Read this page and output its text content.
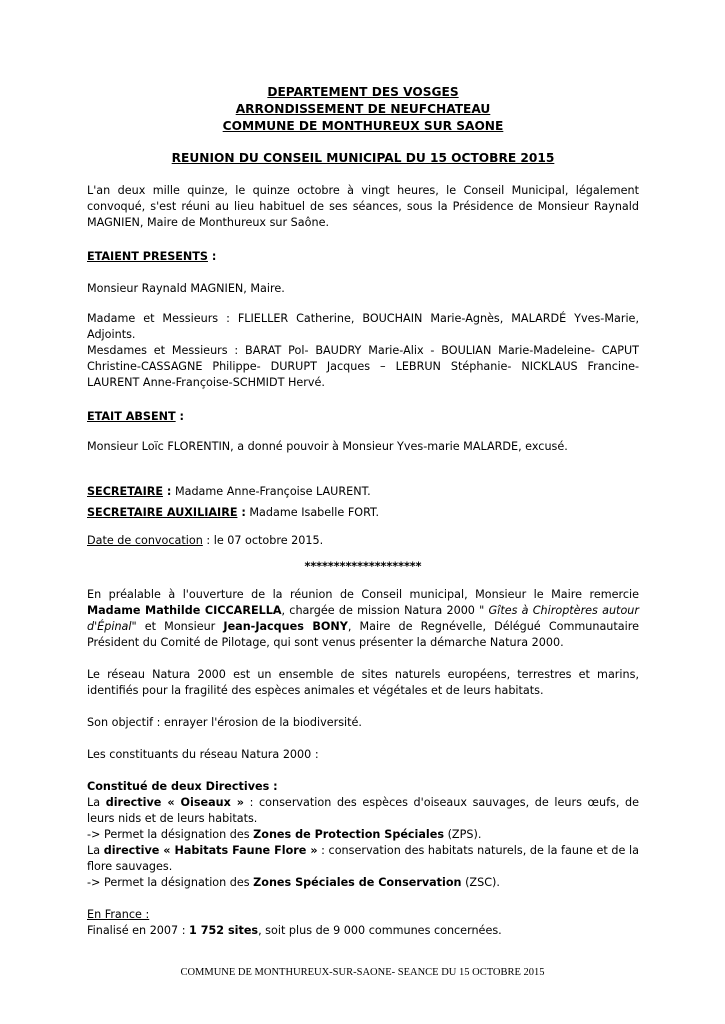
DEPARTEMENT DES VOSGES
ARRONDISSEMENT DE NEUFCHATEAU
COMMUNE DE MONTHUREUX SUR SAONE
REUNION DU CONSEIL MUNICIPAL DU 15 OCTOBRE 2015

L'an deux mille quinze, le quinze octobre à vingt heures, le Conseil Municipal, légalement convoqué, s'est réuni au lieu habituel de ses séances, sous la Présidence de Monsieur Raynald MAGNIEN, Maire de Monthureux sur Saône.

ETAIENT PRESENTS :

Monsieur Raynald MAGNIEN, Maire.

Madame et Messieurs : FLIELLER Catherine, BOUCHAIN Marie-Agnès, MALARDÉ Yves-Marie, Adjoints.

Mesdames et Messieurs : BARAT Pol- BAUDRY Marie-Alix - BOULIAN Marie-Madeleine- CAPUT Christine-CASSAGNE Philippe- DURUPT Jacques – LEBRUN Stéphanie- NICKLAUS Francine- LAURENT Anne-Françoise-SCHMIDT Hervé.

ETAIT ABSENT :

Monsieur Loïc FLORENTIN, a donné pouvoir à Monsieur Yves-marie MALARDE, excusé.

SECRETAIRE : Madame Anne-Françoise LAURENT.

SECRETAIRE AUXILIAIRE : Madame Isabelle FORT.

Date de convocation : le 07 octobre 2015.

********************

En préalable à l'ouverture de la réunion de Conseil municipal, Monsieur le Maire remercie Madame Mathilde CICCARELLA, chargée de mission Natura 2000 " Gîtes à Chiroptères autour d'Épinal" et Monsieur Jean-Jacques BONY, Maire de Regnévelle, Délégué Communautaire Président du Comité de Pilotage, qui sont venus présenter la démarche Natura 2000.

Le réseau Natura 2000 est un ensemble de sites naturels européens, terrestres et marins, identifiés pour la fragilité des espèces animales et végétales et de leurs habitats.

Son objectif : enrayer l'érosion de la biodiversité.

Les constituants du réseau Natura 2000 :

Constitué de deux Directives :

La directive « Oiseaux » : conservation des espèces d'oiseaux sauvages, de leurs œufs, de leurs nids et de leurs habitats.

-> Permet la désignation des Zones de Protection Spéciales (ZPS).

La directive « Habitats Faune Flore » : conservation des habitats naturels, de la faune et de la flore sauvages.

-> Permet la désignation des Zones Spéciales de Conservation (ZSC).

En France :

Finalisé en 2007 : 1 752 sites, soit plus de 9 000 communes concernées.

COMMUNE DE MONTHUREUX-SUR-SAONE- SEANCE DU 15 OCTOBRE 2015
